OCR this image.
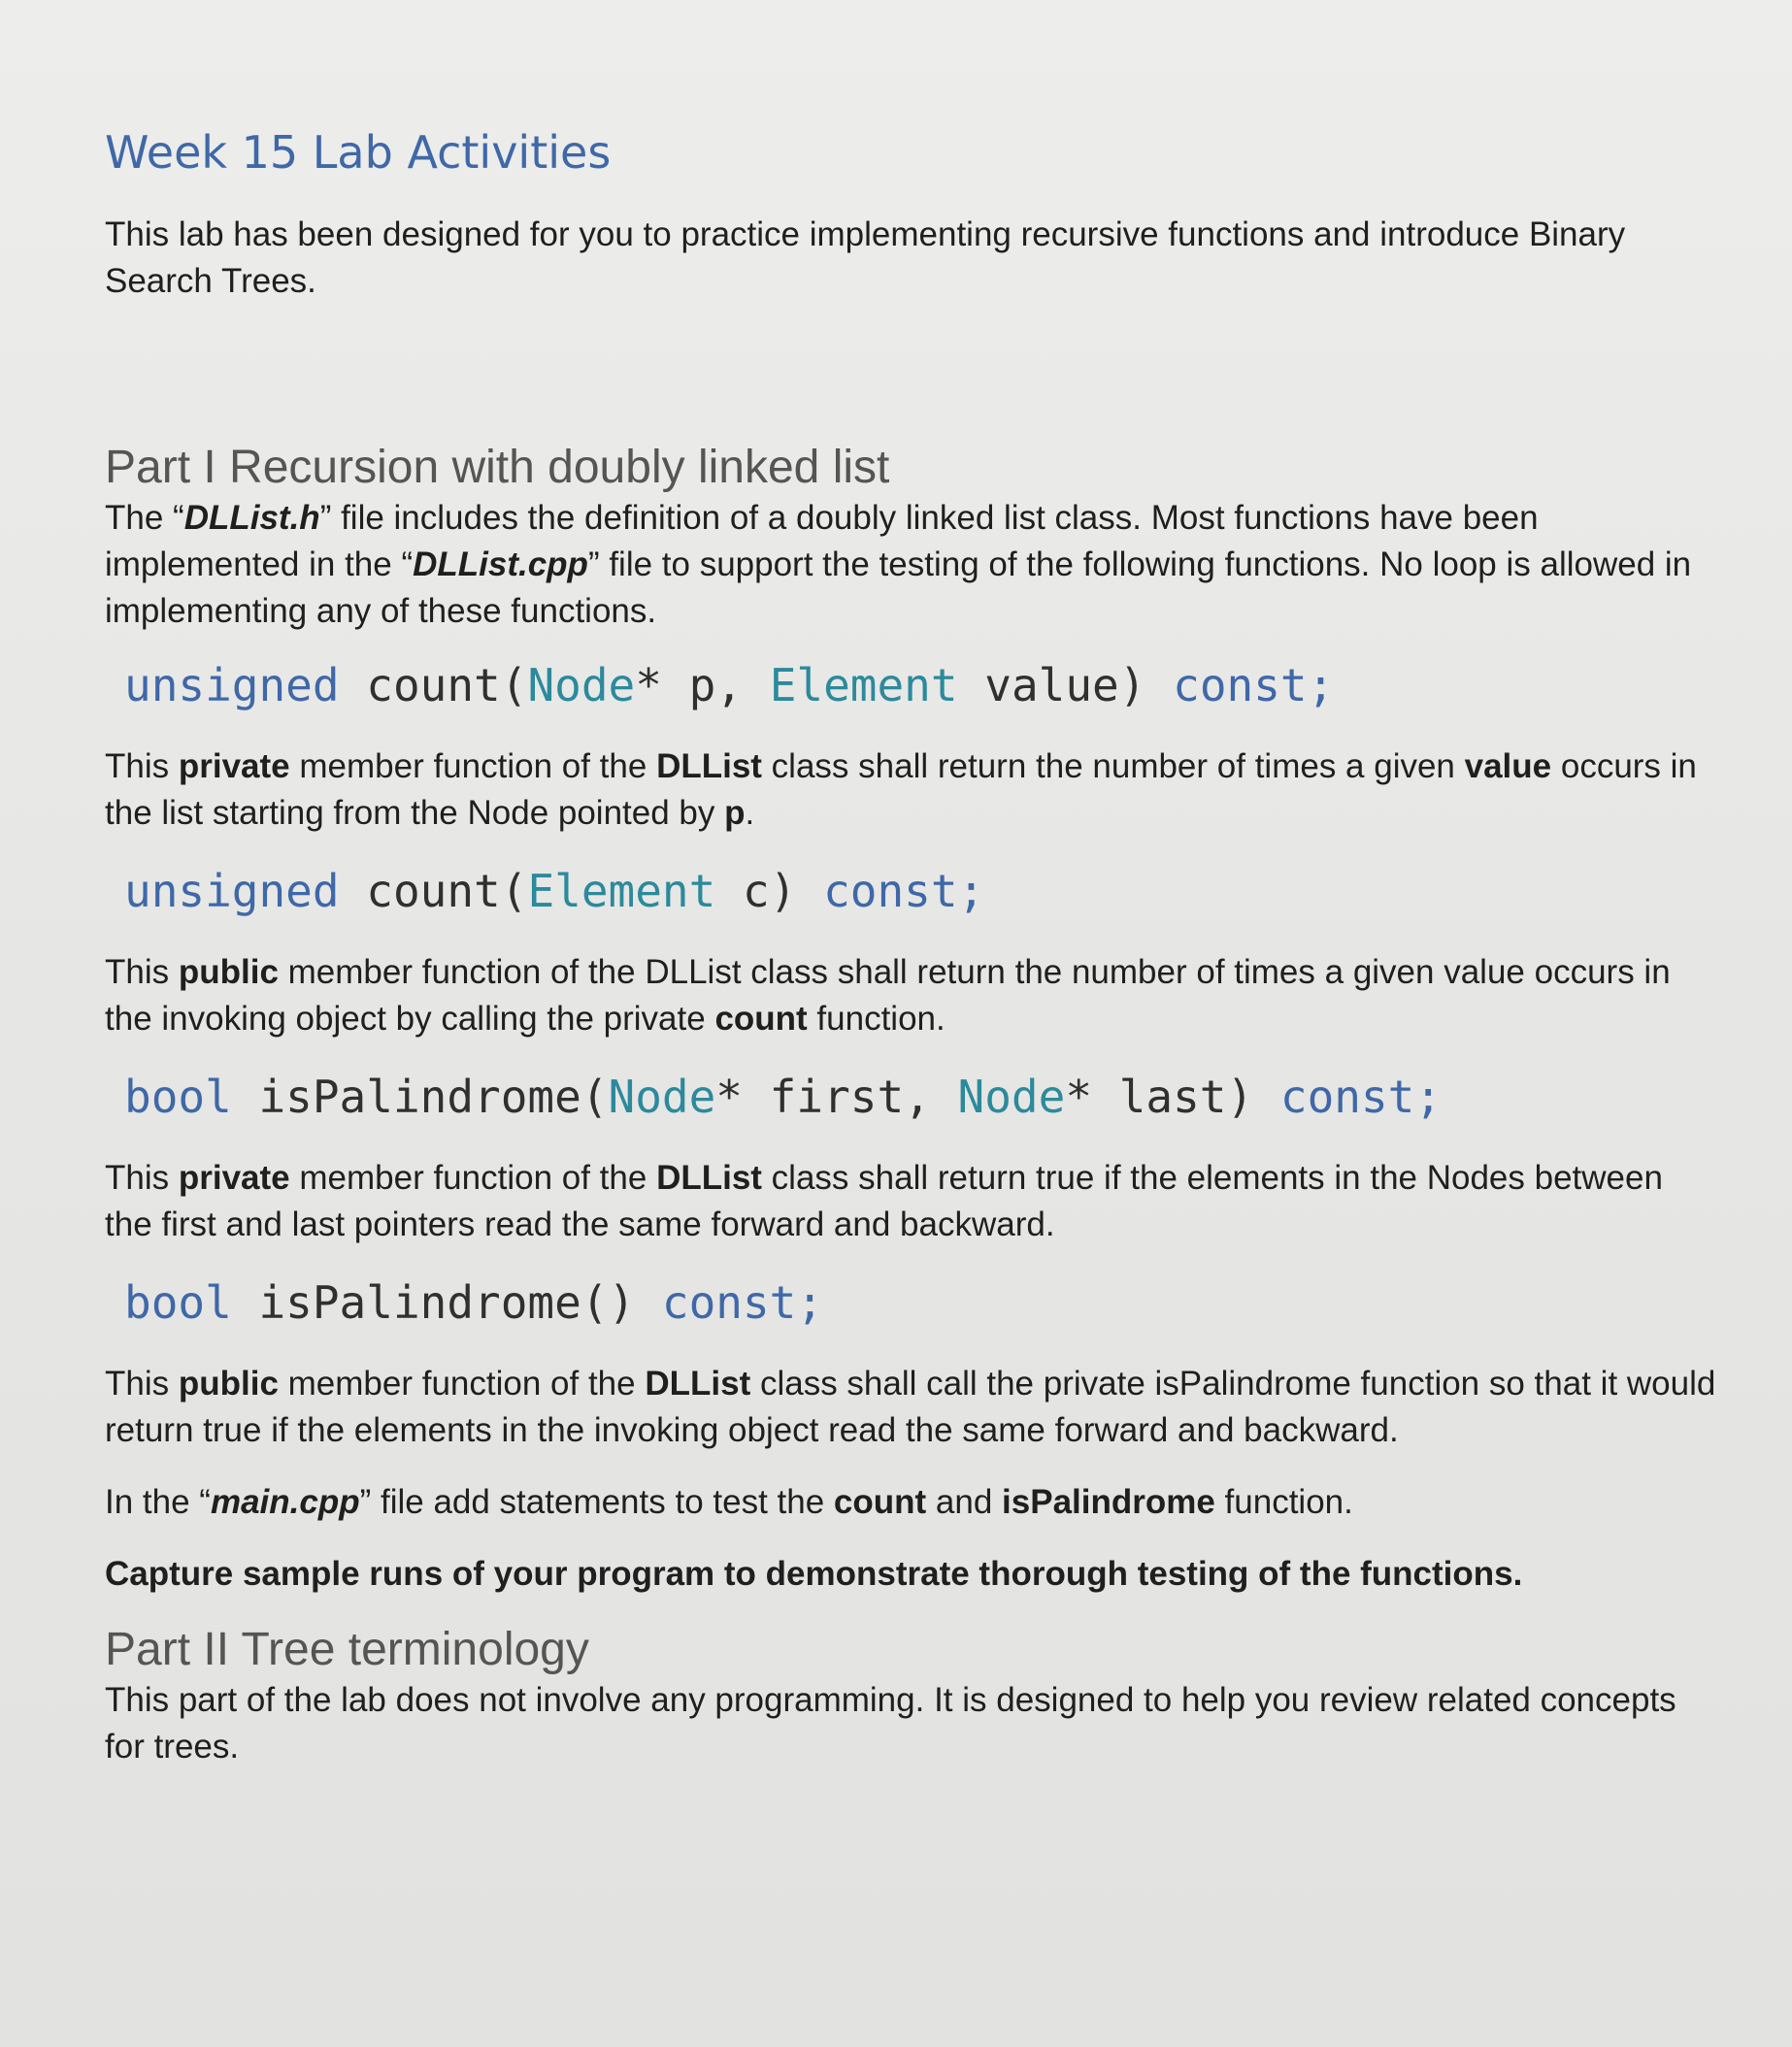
Week 15 Lab Activities

This lab has been designed for you to practice implementing recursive functions and introduce Binary Search Trees.

Part I Recursion with doubly linked list

The “DLList.h” file includes the definition of a doubly linked list class. Most functions have been implemented in the “DLList.cpp” file to support the testing of the following functions. No loop is allowed in implementing any of these functions.

unsigned count(Node* p, Element value) const;

This private member function of the DLList class shall return the number of times a given value occurs in the list starting from the Node pointed by p.

unsigned count(Element c) const;

This public member function of the DLList class shall return the number of times a given value occurs in the invoking object by calling the private count function.

bool isPalindrome(Node* first, Node* last) const;

This private member function of the DLList class shall return true if the elements in the Nodes between the first and last pointers read the same forward and backward.

bool isPalindrome() const;

This public member function of the DLList class shall call the private isPalindrome function so that it would return true if the elements in the invoking object read the same forward and backward.

In the “main.cpp” file add statements to test the count and isPalindrome function.

Capture sample runs of your program to demonstrate thorough testing of the functions.

Part II Tree terminology

This part of the lab does not involve any programming. It is designed to help you review related concepts for trees.
